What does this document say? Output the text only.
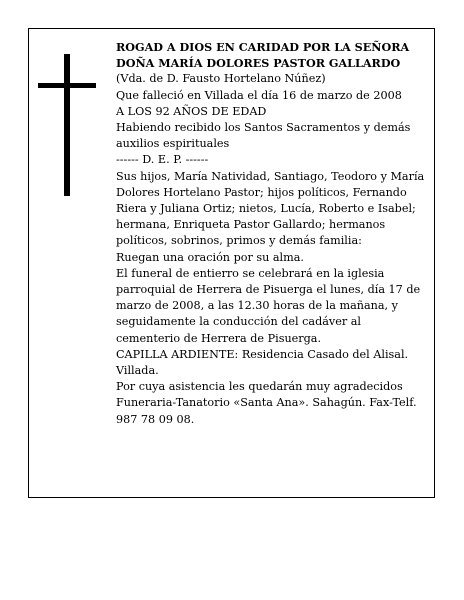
ROGAD A DIOS EN CARIDAD POR LA SEÑORA

DOÑA MARÍA DOLORES PASTOR GALLARDO

(Vda. de D. Fausto Hortelano Núñez)

Que falleció en Villada el día 16 de marzo de 2008

A LOS 92 AÑOS DE EDAD

Habiendo recibido los Santos Sacramentos y demás auxilios espirituales

------ D. E. P. ------

Sus hijos, María Natividad, Santiago, Teodoro y María Dolores Hortelano Pastor; hijos políticos, Fernando Riera y Juliana Ortiz; nietos, Lucía, Roberto e Isabel; hermana, Enriqueta Pastor Gallardo; hermanos políticos, sobrinos, primos y demás familia:

Ruegan una oración por su alma.

El funeral de entierro se celebrará en la iglesia parroquial de Herrera de Pisuerga el lunes, día 17 de marzo de 2008, a las 12.30 horas de la mañana, y seguidamente la conducción del cadáver al cementerio de Herrera de Pisuerga.

CAPILLA ARDIENTE: Residencia Casado del Alisal. Villada.

Por cuya asistencia les quedarán muy agradecidos Funeraria-Tanatorio «Santa Ana». Sahagún. Fax-Telf. 987 78 09 08.
